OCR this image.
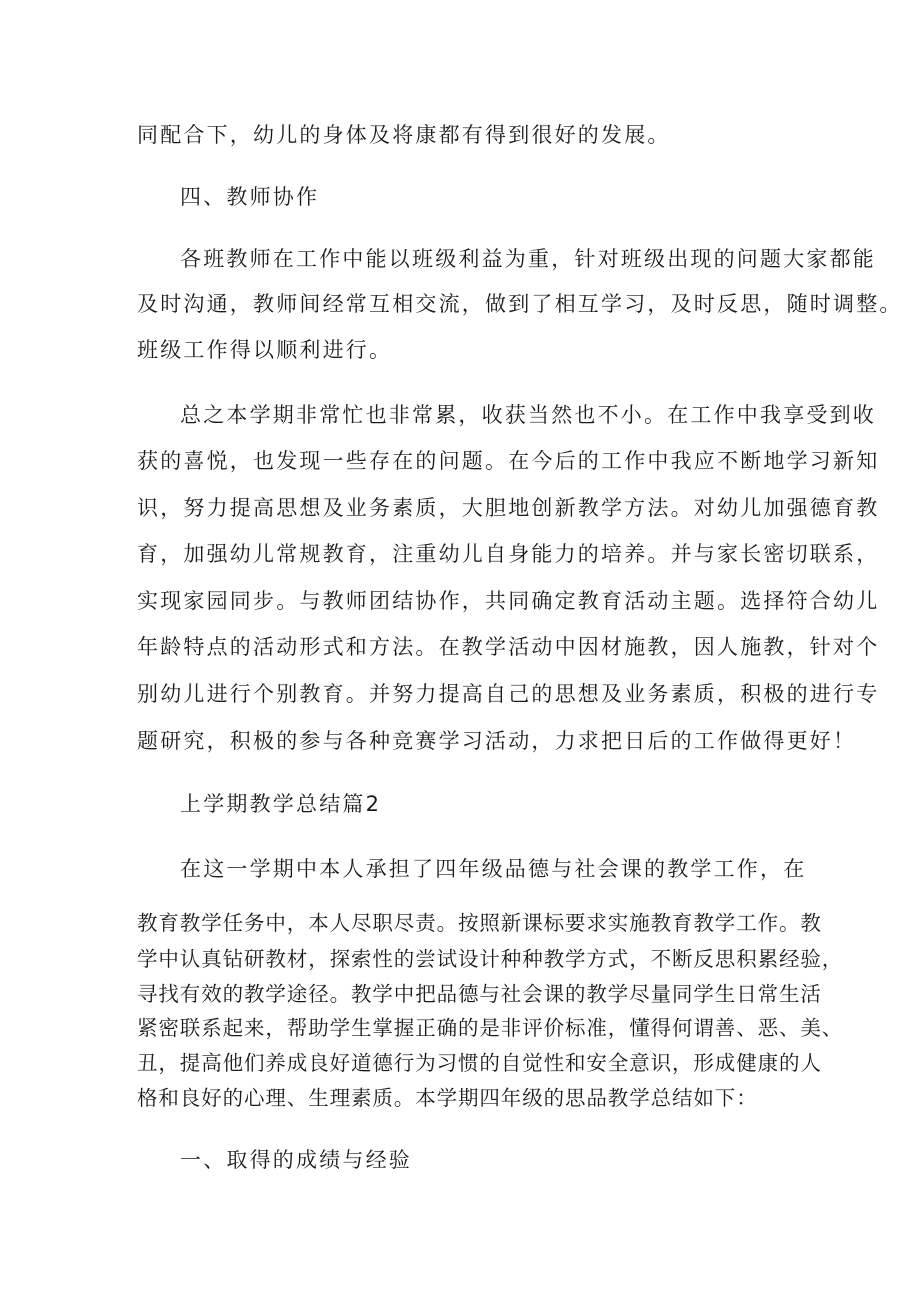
同配合下，幼儿的身体及将康都有得到很好的发展。
四、教师协作
各班教师在工作中能以班级利益为重，针对班级出现的问题大家都能
及时沟通，教师间经常互相交流，做到了相互学习，及时反思，随时调整。
班级工作得以顺利进行。
总之本学期非常忙也非常累，收获当然也不小。在工作中我享受到收
获的喜悦，也发现一些存在的问题。在今后的工作中我应不断地学习新知
识，努力提高思想及业务素质，大胆地创新教学方法。对幼儿加强德育教
育，加强幼儿常规教育，注重幼儿自身能力的培养。并与家长密切联系，
实现家园同步。与教师团结协作，共同确定教育活动主题。选择符合幼儿
年龄特点的活动形式和方法。在教学活动中因材施教，因人施教，针对个
别幼儿进行个别教育。并努力提高自己的思想及业务素质，积极的进行专
题研究，积极的参与各种竞赛学习活动，力求把日后的工作做得更好！
上学期教学总结篇2
在这一学期中本人承担了四年级品德与社会课的教学工作，在
教育教学任务中，本人尽职尽责。按照新课标要求实施教育教学工作。教
学中认真钻研教材，探索性的尝试设计种种教学方式，不断反思积累经验，
寻找有效的教学途径。教学中把品德与社会课的教学尽量同学生日常生活
紧密联系起来，帮助学生掌握正确的是非评价标准，懂得何谓善、恶、美、
丑，提高他们养成良好道德行为习惯的自觉性和安全意识，形成健康的人
格和良好的心理、生理素质。本学期四年级的思品教学总结如下：
一、取得的成绩与经验
